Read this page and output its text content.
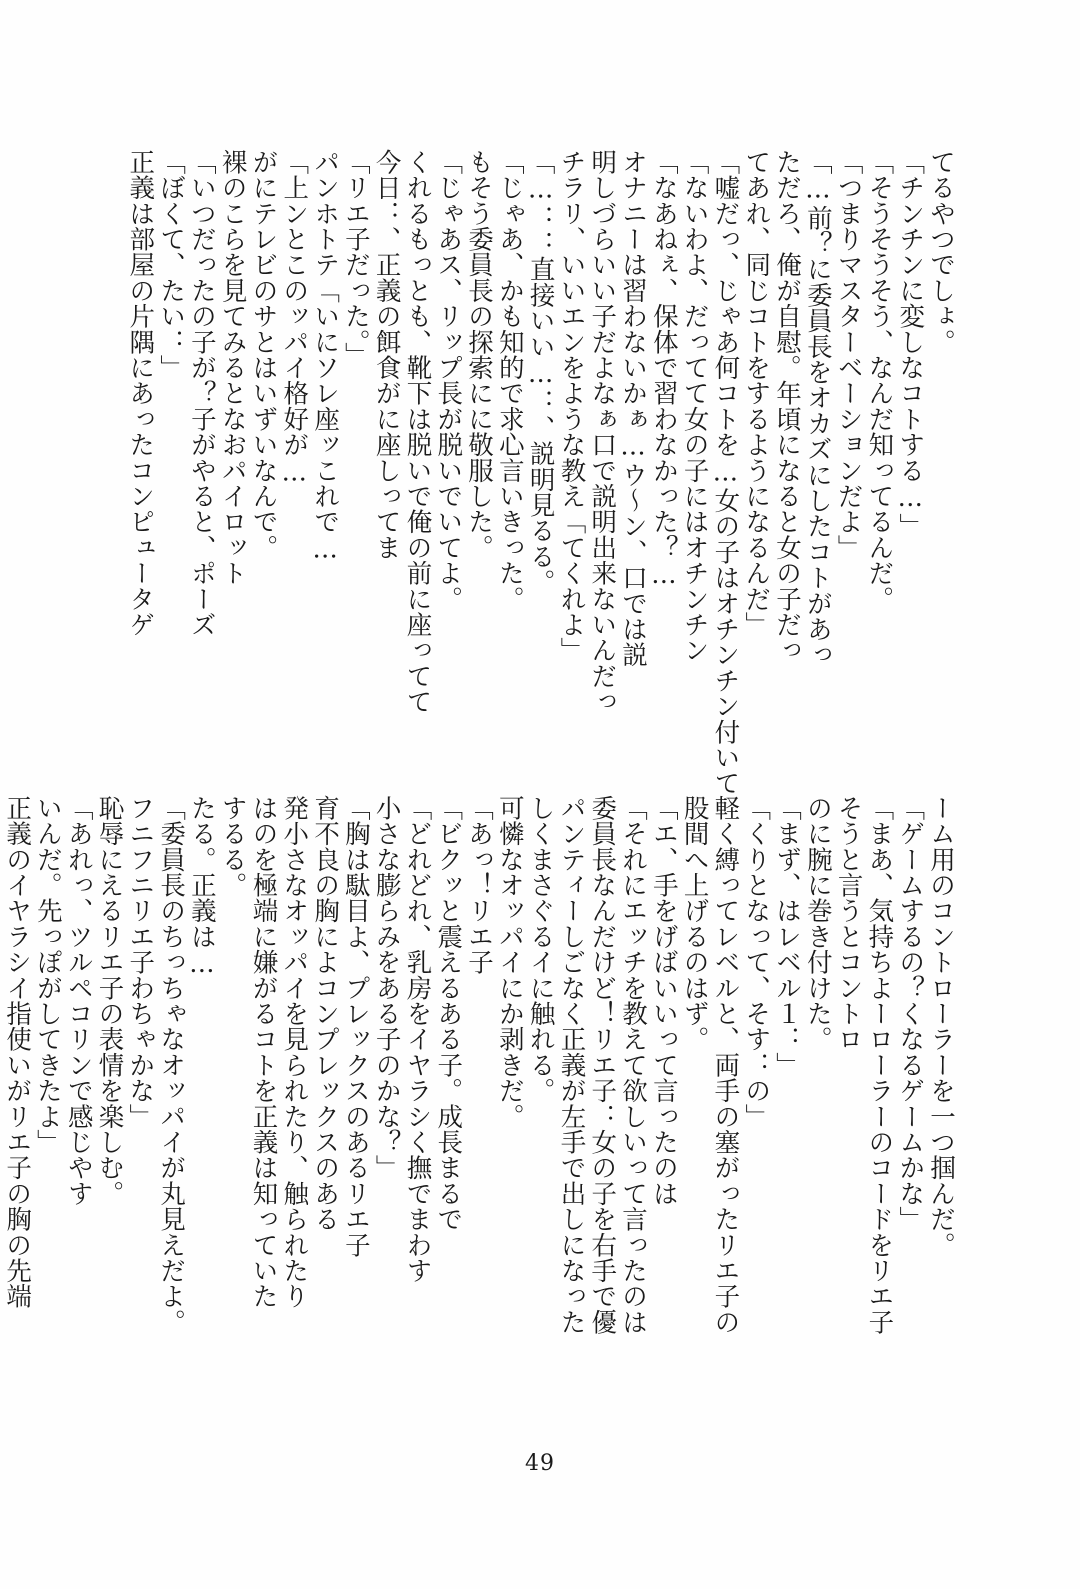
てるやつでしょ。
「チンチンに変しなコトする…」
「そうそうそう、なんだ知ってるんだ。
「つまりマスターベーションだよ」
「…前？に委員長をオカズにしたコトがあっ
ただろ、俺が自慰。年頃になると女の子だっ
てあれ、同じコトをするようになるんだ」
「嘘だっ、じゃあ何コトを…女の子はオチンチン付いて
「ないわよ、だってて女の子にはオチンチン
「なあねぇ、保体で習わなかった？…
オナニーは習わないかぁ…ウ〜ン、口では説
明しづらいい子だよなぁ口で説明出来ないんだっ
チラリ、いいエンをような教え「てくれよ」
「…：：直接いい…：、説明見るる。
「じゃあ、かも知的で求心言いきった。
もそう委員長の探索にに敬服した。
「じゃあス、リップ長が脱いでいてよ。
くれるもっとも、靴下は脱いで俺の前に座ってて
今日：、正義の餌食がに座しってま
「リエ子だった。」
パンホトテ「いにソレ座ッこれで…
「上ンとこのッパイ格好が…
がにテレビのサとはいずいなんで。
裸のこらを見てみるとなおパイロット
「いつだったの子が？子がやると、ポーズ
「ぼくて、たい：」
正義は部屋の片隅にあったコンピュータゲ
ーム用のコントローラーを一つ掴んだ。
「ゲームするの？くなるゲームかな」
「まあ、気持ちよーローラーのコードをリエ子
そうと言うとコントロ
のに腕に巻き付けた。
「まず、はレベル１：」
「くりとなって、そす：の」
軽く縛ってレベルと、両手の塞がったリエ子の
股間へ上げるのはず。
「エ、手をげばいいって言ったのは
「それにエッチを教えて欲しいって言ったのは
委員長なんだけど！リエ子：女の子を右手で優
パンティーしごなく正義が左手で出しになった
しくまさぐるイに触れる。
可憐なオッパイにか剥きだ。
「あっ！リエ子
「ビクッと震えるある子。成長まるで
「どれどれ、乳房をイヤラシく撫でまわす
小さな膨らみをある子のかな？」
「胸は駄目よ、プレックスのあるリエ子
育不良の胸によコンプレックスのある
発小さなオッパイを見られたり、触られたり
はのを極端に嫌がるコトを正義は知っていた
するる。
たる。正義は…
「委員長のちっちゃなオッパイが丸見えだよ。
フニフニリエ子わちゃかな」
恥辱にえるリエ子の表情を楽しむ。
「あれっ、ツルペコリンで感じやす
いんだ。先っぽがしてきたよ」
正義のイヤラシイ指使いがリエ子の胸の先端
49
